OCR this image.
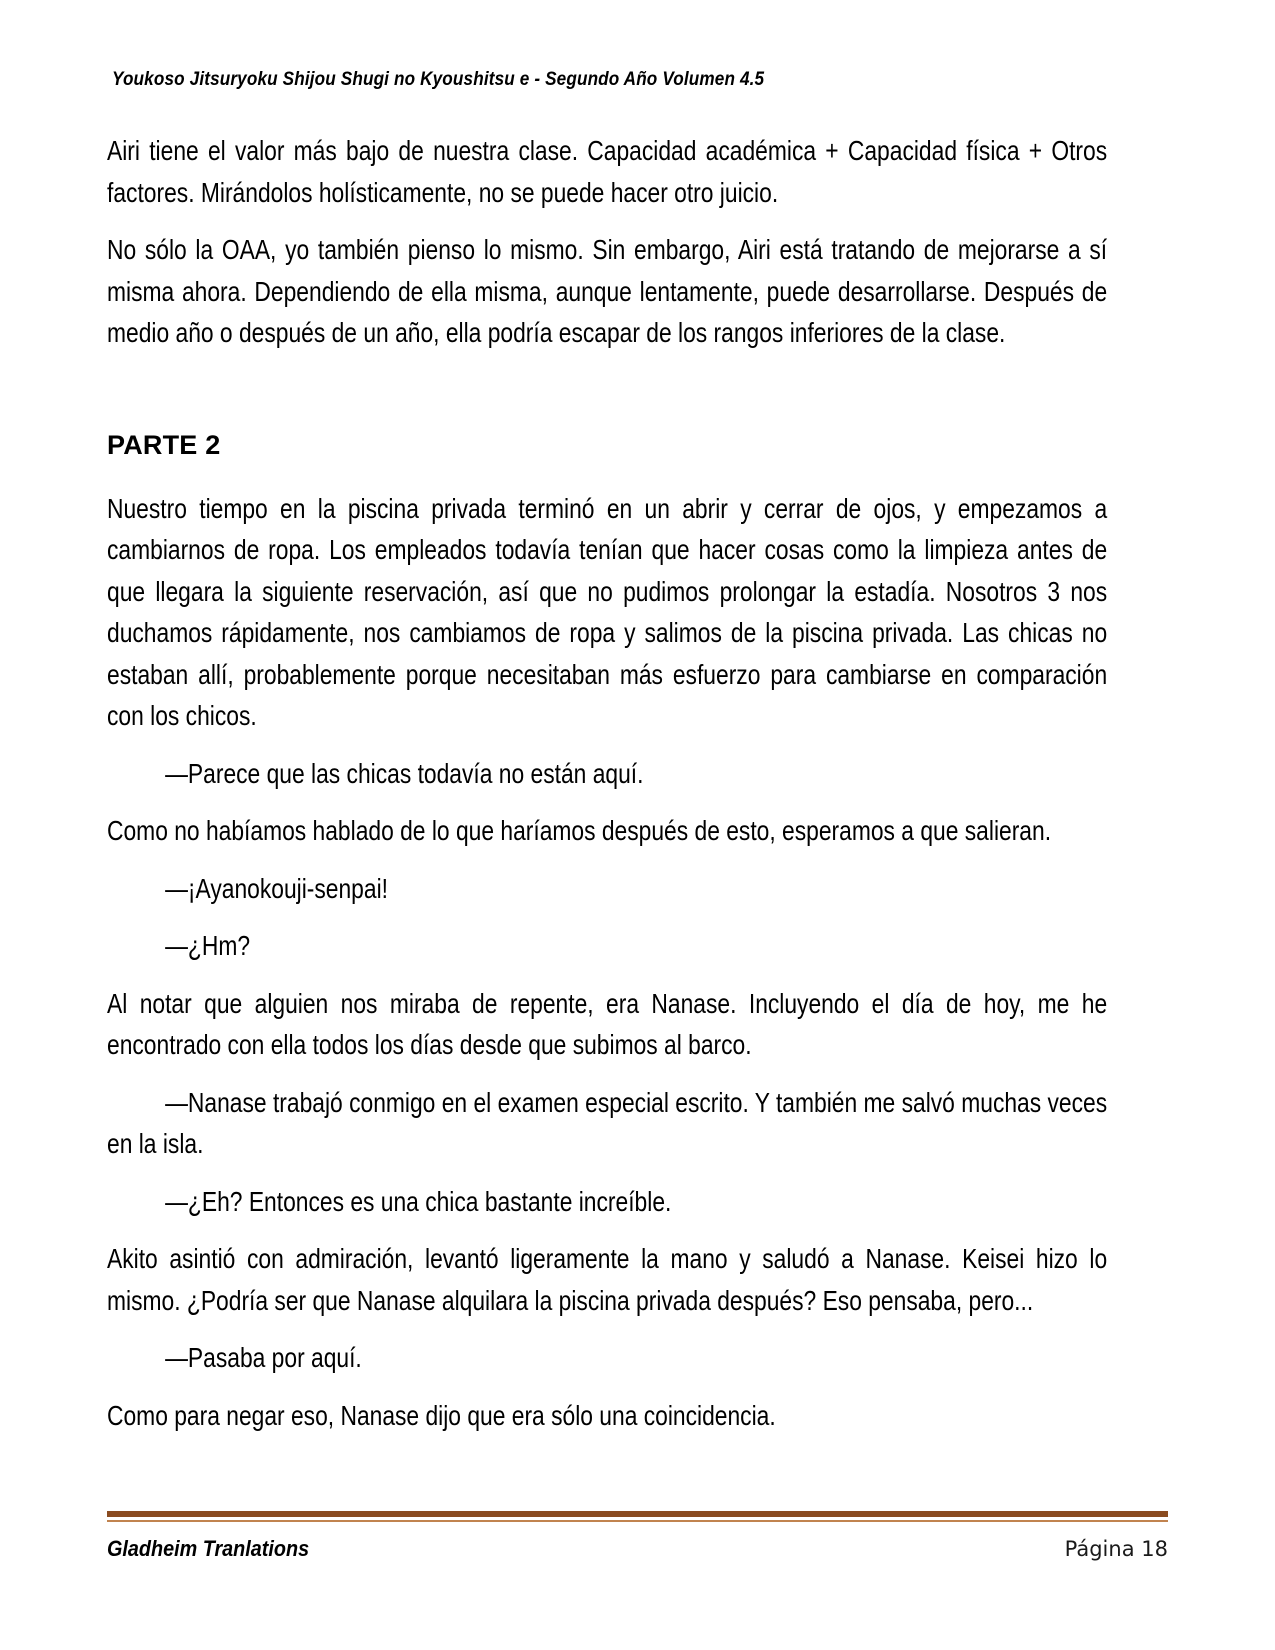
Youkoso Jitsuryoku Shijou Shugi no Kyoushitsu e - Segundo Año Volumen 4.5

Airi tiene el valor más bajo de nuestra clase. Capacidad académica + Capacidad física + Otros factores. Mirándolos holísticamente, no se puede hacer otro juicio.

No sólo la OAA, yo también pienso lo mismo. Sin embargo, Airi está tratando de mejorarse a sí misma ahora. Dependiendo de ella misma, aunque lentamente, puede desarrollarse. Después de medio año o después de un año, ella podría escapar de los rangos inferiores de la clase.

PARTE 2

Nuestro tiempo en la piscina privada terminó en un abrir y cerrar de ojos, y empezamos a cambiarnos de ropa. Los empleados todavía tenían que hacer cosas como la limpieza antes de que llegara la siguiente reservación, así que no pudimos prolongar la estadía. Nosotros 3 nos duchamos rápidamente, nos cambiamos de ropa y salimos de la piscina privada. Las chicas no estaban allí, probablemente porque necesitaban más esfuerzo para cambiarse en comparación con los chicos.

—Parece que las chicas todavía no están aquí.

Como no habíamos hablado de lo que haríamos después de esto, esperamos a que salieran.

—¡Ayanokouji-senpai!

—¿Hm?

Al notar que alguien nos miraba de repente, era Nanase. Incluyendo el día de hoy, me he encontrado con ella todos los días desde que subimos al barco.

—Nanase trabajó conmigo en el examen especial escrito. Y también me salvó muchas veces en la isla.

—¿Eh? Entonces es una chica bastante increíble.

Akito asintió con admiración, levantó ligeramente la mano y saludó a Nanase. Keisei hizo lo mismo. ¿Podría ser que Nanase alquilara la piscina privada después? Eso pensaba, pero...

—Pasaba por aquí.

Como para negar eso, Nanase dijo que era sólo una coincidencia.

Gladheim Tranlations	Página 18
